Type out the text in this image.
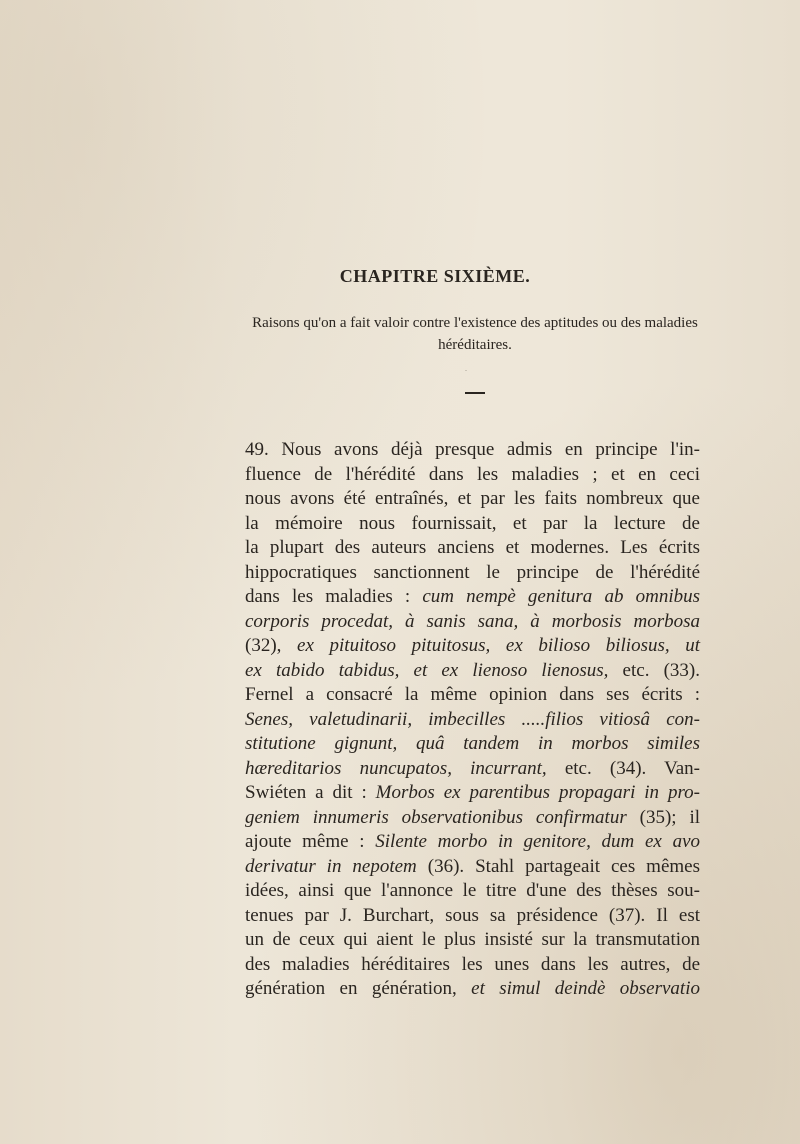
CHAPITRE SIXIÈME.
Raisons qu'on a fait valoir contre l'existence des aptitudes ou des maladies héréditaires.
49. Nous avons déjà presque admis en principe l'in-
fluence de l'hérédité dans les maladies ; et en ceci
nous avons été entraînés, et par les faits nombreux que
la mémoire nous fournissait, et par la lecture de
la plupart des auteurs anciens et modernes. Les écrits
hippocratiques sanctionnent le principe de l'hérédité
dans les maladies : cum nempè genitura ab omnibus
corporis procedat, à sanis sana, à morbosis morbosa
(32), ex pituitoso pituitosus, ex bilioso biliosus, ut
ex tabido tabidus, et ex lienoso lienosus, etc. (33).
Fernel a consacré la même opinion dans ses écrits :
Senes, valetudinarii, imbecilles .....filios vitiosâ con-
stitutione gignunt, quâ tandem in morbos similes
hæreditarios nuncupatos, incurrant, etc. (34). Van-
Swiéten a dit : Morbos ex parentibus propagari in pro-
geniem innumeris observationibus confirmatur (35); il
ajoute même : Silente morbo in genitore, dum ex avo
derivatur in nepotem (36). Stahl partageait ces mêmes
idées, ainsi que l'annonce le titre d'une des thèses sou-
tenues par J. Burchart, sous sa présidence (37). Il est
un de ceux qui aient le plus insisté sur la transmutation
des maladies héréditaires les unes dans les autres, de
génération en génération, et simul deindè observatio
